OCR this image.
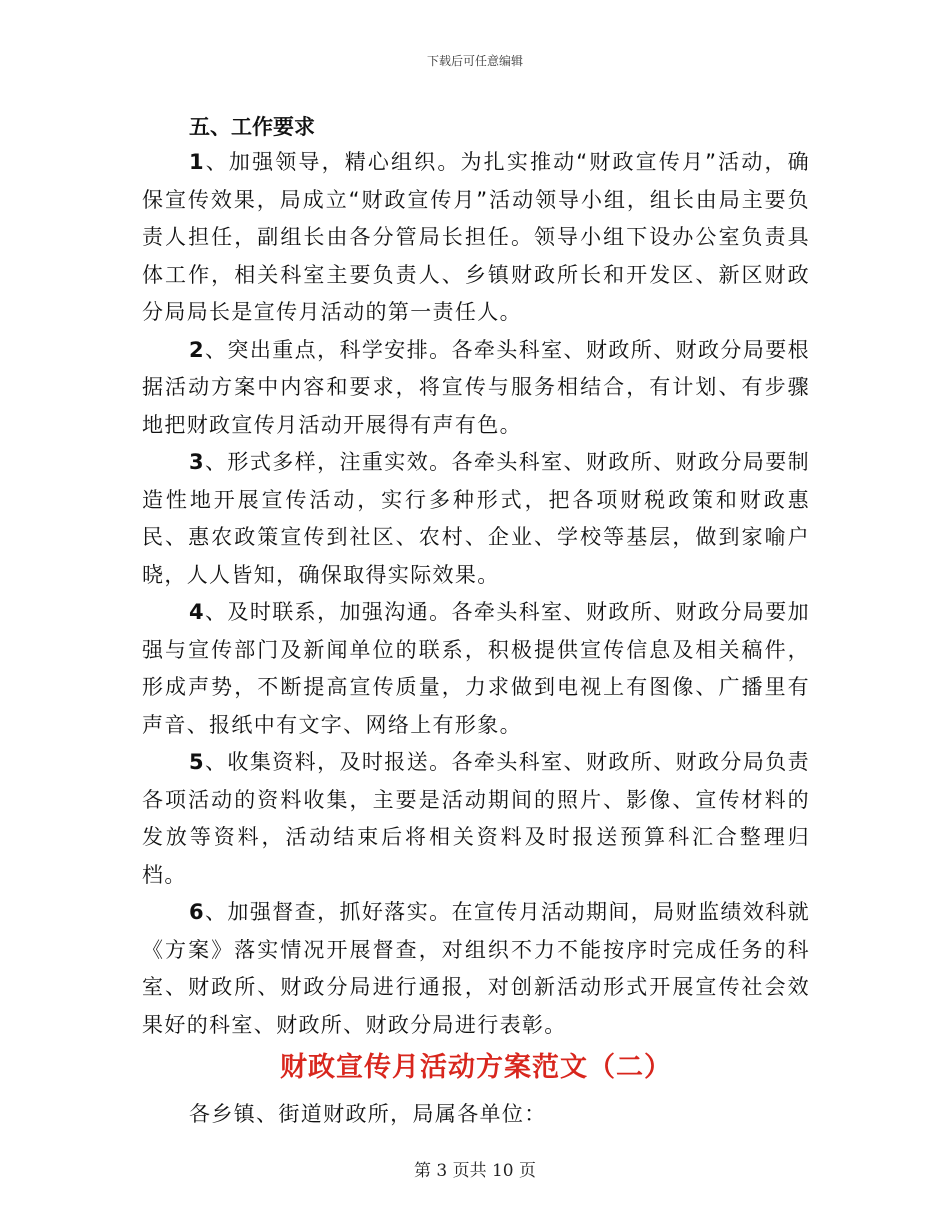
下载后可任意编辑
五、工作要求

1、加强领导，精心组织。为扎实推动“财政宣传月”活动，确保宣传效果，局成立“财政宣传月”活动领导小组，组长由局主要负责人担任，副组长由各分管局长担任。领导小组下设办公室负责具体工作，相关科室主要负责人、乡镇财政所长和开发区、新区财政分局局长是宣传月活动的第一责任人。

2、突出重点，科学安排。各牵头科室、财政所、财政分局要根据活动方案中内容和要求，将宣传与服务相结合，有计划、有步骤地把财政宣传月活动开展得有声有色。

3、形式多样，注重实效。各牵头科室、财政所、财政分局要制造性地开展宣传活动，实行多种形式，把各项财税政策和财政惠民、惠农政策宣传到社区、农村、企业、学校等基层，做到家喻户晓，人人皆知，确保取得实际效果。

4、及时联系，加强沟通。各牵头科室、财政所、财政分局要加强与宣传部门及新闻单位的联系，积极提供宣传信息及相关稿件，形成声势，不断提高宣传质量，力求做到电视上有图像、广播里有声音、报纸中有文字、网络上有形象。

5、收集资料，及时报送。各牵头科室、财政所、财政分局负责各项活动的资料收集，主要是活动期间的照片、影像、宣传材料的发放等资料，活动结束后将相关资料及时报送预算科汇合整理归档。

6、加强督查，抓好落实。在宣传月活动期间，局财监绩效科就《方案》落实情况开展督查，对组织不力不能按序时完成任务的科室、财政所、财政分局进行通报，对创新活动形式开展宣传社会效果好的科室、财政所、财政分局进行表彰。

财政宣传月活动方案范文（二）

各乡镇、街道财政所，局属各单位：

第 3 页共 10 页
